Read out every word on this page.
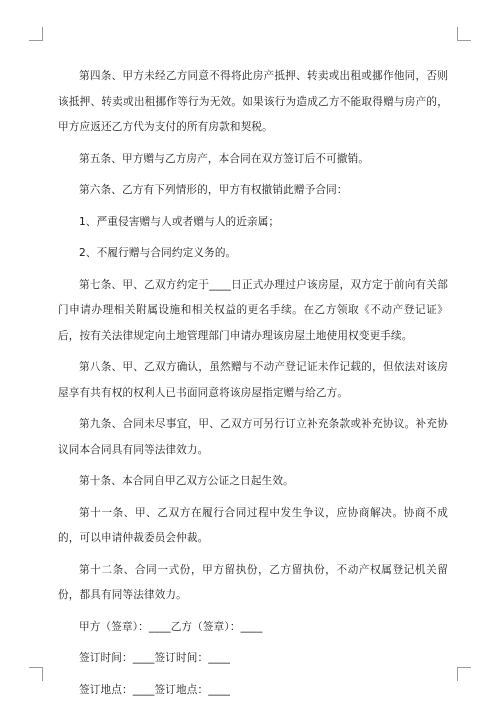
第四条、甲方未经乙方同意不得将此房产抵押、转卖或出租或挪作他同，否则该抵押、转卖或出租挪作等行为无效。如果该行为造成乙方不能取得赠与房产的，甲方应返还乙方代为支付的所有房款和契税。

第五条、甲方赠与乙方房产，本合同在双方签订后不可撤销。

第六条、乙方有下列情形的，甲方有权撤销此赠予合同：

1、严重侵害赠与人或者赠与人的近亲属；

2、不履行赠与合同约定义务的。

第七条、甲、乙双方约定于____日正式办理过户该房屋，双方定于前向有关部门申请办理相关附属设施和相关权益的更名手续。在乙方领取《不动产登记证》后，按有关法律规定向土地管理部门申请办理该房屋土地使用权变更手续。

第八条、甲、乙双方确认，虽然赠与不动产登记证未作记载的，但依法对该房屋享有共有权的权利人已书面同意将该房屋指定赠与给乙方。

第九条、合同未尽事宜，甲、乙双方可另行订立补充条款或补充协议。补充协议同本合同具有同等法律效力。

第十条、本合同自甲乙双方公证之日起生效。

第十一条、甲、乙双方在履行合同过程中发生争议，应协商解决。协商不成的，可以申请仲裁委员会仲裁。

第十二条、合同一式份，甲方留执份，乙方留执份，不动产权属登记机关留份，都具有同等法律效力。

甲方（签章）：____乙方（签章）：____

签订时间：____签订时间：____

签订地点：____签订地点：____
